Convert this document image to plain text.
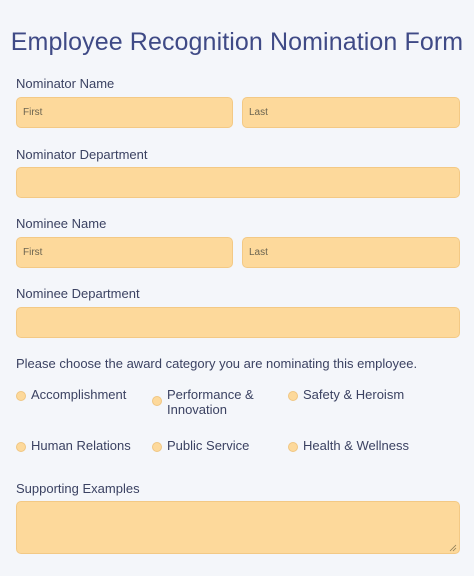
Employee Recognition Nomination Form
Nominator Name
First
Last
Nominator Department
Nominee Name
First
Last
Nominee Department
Please choose the award category you are nominating this employee.
Accomplishment	Performance &
Innovation
Safety & Heroism
Human Relations	Public Service	Health & Wellness
Supporting Examples
